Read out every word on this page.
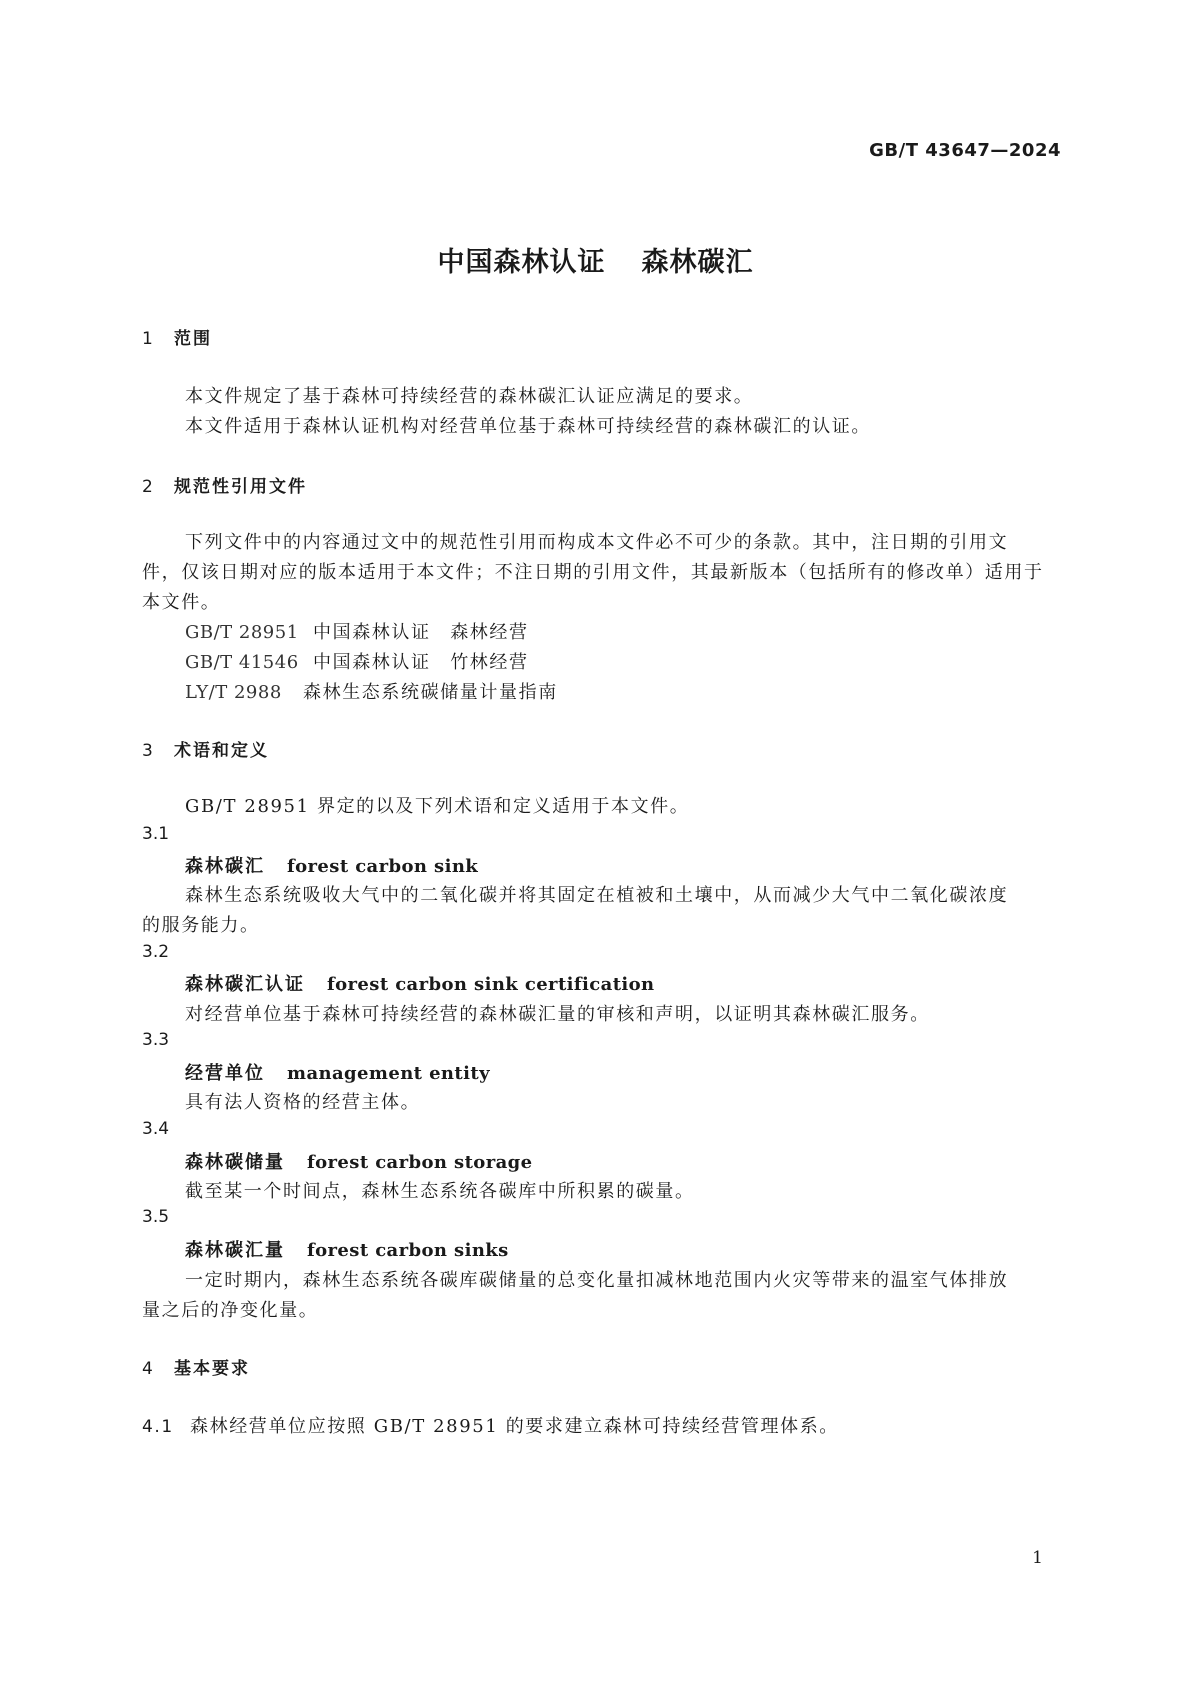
GB/T 43647—2024
中国森林认证 森林碳汇
1 范围
本文件规定了基于森林可持续经营的森林碳汇认证应满足的要求。
本文件适用于森林认证机构对经营单位基于森林可持续经营的森林碳汇的认证。
2 规范性引用文件
下列文件中的内容通过文中的规范性引用而构成本文件必不可少的条款。其中，注日期的引用文
件，仅该日期对应的版本适用于本文件；不注日期的引用文件，其最新版本（包括所有的修改单）适用于
本文件。
GB/T 28951 中国森林认证　森林经营
GB/T 41546 中国森林认证　竹林经营
LY/T 2988 森林生态系统碳储量计量指南
3 术语和定义
GB/T 28951 界定的以及下列术语和定义适用于本文件。
3.1
森林碳汇 forest carbon sink
森林生态系统吸收大气中的二氧化碳并将其固定在植被和土壤中，从而减少大气中二氧化碳浓度
的服务能力。
3.2
森林碳汇认证 forest carbon sink certification
对经营单位基于森林可持续经营的森林碳汇量的审核和声明，以证明其森林碳汇服务。
3.3
经营单位 management entity
具有法人资格的经营主体。
3.4
森林碳储量 forest carbon storage
截至某一个时间点，森林生态系统各碳库中所积累的碳量。
3.5
森林碳汇量 forest carbon sinks
一定时期内，森林生态系统各碳库碳储量的总变化量扣减林地范围内火灾等带来的温室气体排放
量之后的净变化量。
4 基本要求
4.1 森林经营单位应按照 GB/T 28951 的要求建立森林可持续经营管理体系。
1
